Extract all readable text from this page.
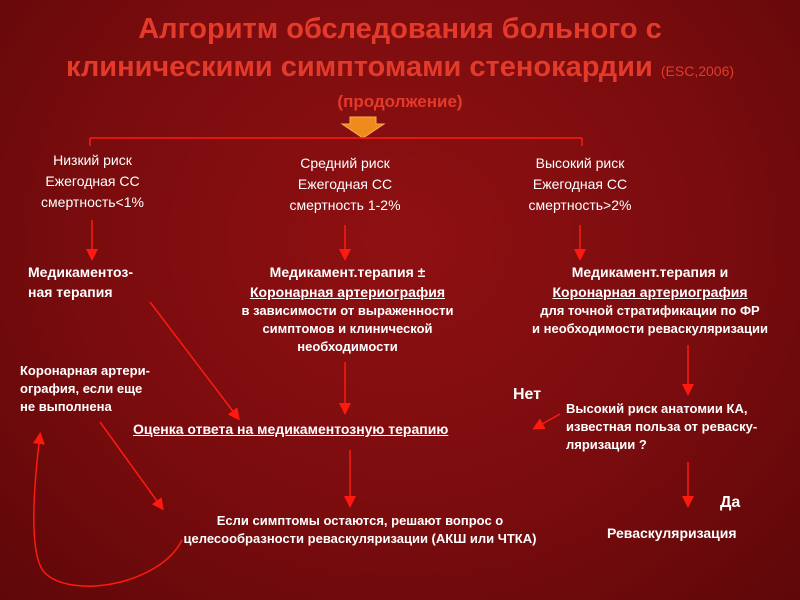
Алгоритм обследования больного с
клиническими симптомами стенокардии (ESC,2006)
(продолжение)
Низкий риск
Ежегодная СС
смертность<1%
Средний риск
Ежегодная СС
смертность 1-2%
Высокий риск
Ежегодная СС
смертность>2%
Медикаментоз-
ная терапия
Медикамент.терапия ±
Коронарная артериография
в зависимости от выраженности
симптомов и клинической
необходимости
Медикамент.терапия и
Коронарная артериография
для точной стратификации по ФР
и необходимости реваскуляризации
Коронарная артери-
ография, если еще
не выполнена
Оценка ответа на медикаментозную терапию
Нет
Высокий риск анатомии КА,
известная польза от реваску-
ляризации ?
Да
Реваскуляризация
Если симптомы остаются, решают вопрос о
целесообразности реваскуляризации (АКШ или ЧТКА)
